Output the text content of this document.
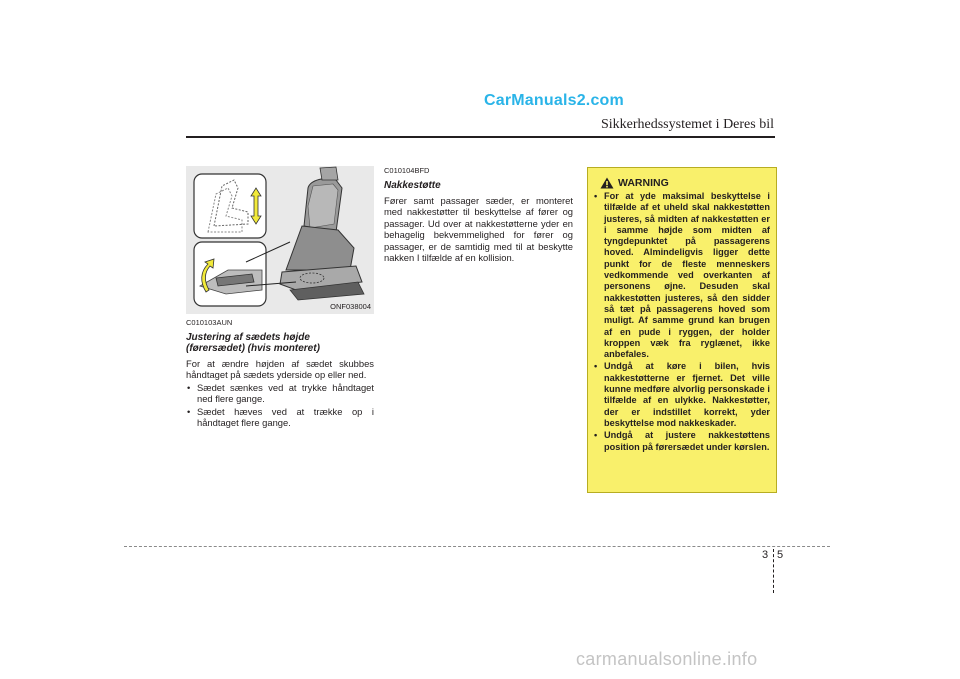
CarManuals2.com
Sikkerhedssystemet i Deres bil
ONF038004
C010103AUN
Justering af sædets højde
(førersædet) (hvis monteret)
For at ændre højden af sædet skubbes håndtaget på sædets yderside op eller ned.
• Sædet sænkes ved at trykke håndtaget ned flere gange.
• Sædet hæves ved at trække op i håndtaget flere gange.
C010104BFD
Nakkestøtte
Fører samt passager sæder, er monteret med nakkestøtter til beskyttelse af fører og passager. Ud over at nakkestøtterne yder en behagelig bekvemmelighed for fører og passager, er de samtidig med til at beskytte nakken I tilfælde af en kollision.
WARNING
• For at yde maksimal beskyttelse i tilfælde af et uheld skal nakkestøtten justeres, så midten af nakkestøtten er i samme højde som midten af tyngdepunktet på passagerens hoved. Almindeligvis ligger dette punkt for de fleste menneskers vedkommende ved overkanten af personens øjne. Desuden skal nakkestøtten justeres, så den sidder så tæt på passagerens hoved som muligt. Af samme grund kan brugen af en pude i ryggen, der holder kroppen væk fra ryglænet, ikke anbefales.
• Undgå at køre i bilen, hvis nakkestøtterne er fjernet. Det ville kunne medføre alvorlig personskade i tilfælde af en ulykke. Nakkestøtter, der er indstillet korrekt, yder beskyttelse mod nakkeskader.
• Undgå at justere nakkestøttens position på førersædet under kørslen.
3 5
carmanualsonline.info
